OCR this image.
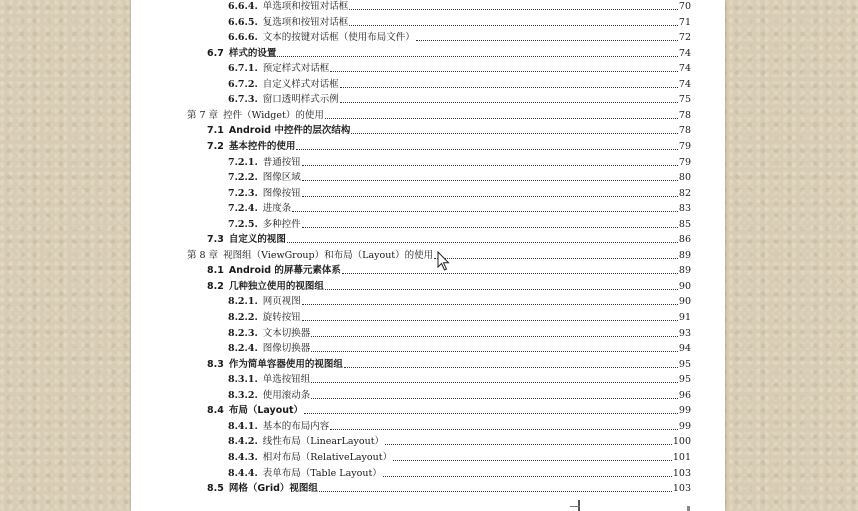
6.6.4. 单选项和按钮对话框	70
6.6.5. 复选项和按钮对话框	71
6.6.6. 文本的按键对话框（使用布局文件）	72
6.7 样式的设置	74
6.7.1. 预定样式对话框	74
6.7.2. 自定义样式对话框	74
6.7.3. 窗口透明样式示例	75
第 7 章 控件（Widget）的使用	78
7.1 Android 中控件的层次结构	78
7.2 基本控件的使用	79
7.2.1. 普通按钮	79
7.2.2. 图像区域	80
7.2.3. 图像按钮	82
7.2.4. 进度条	83
7.2.5. 多种控件	85
7.3 自定义的视图	86
第 8 章 视图组（ViewGroup）和布局（Layout）的使用	89
8.1 Android 的屏幕元素体系	89
8.2 几种独立使用的视图组	90
8.2.1. 网页视图	90
8.2.2. 旋转按钮	91
8.2.3. 文本切换器	93
8.2.4. 图像切换器	94
8.3 作为简单容器使用的视图组	95
8.3.1. 单选按钮组	95
8.3.2. 使用滚动条	96
8.4 布局（Layout）	99
8.4.1. 基本的布局内容	99
8.4.2. 线性布局（LinearLayout）	100
8.4.3. 相对布局（RelativeLayout）	101
8.4.4. 表单布局（Table Layout）	103
8.5 网格（Grid）视图组	103
